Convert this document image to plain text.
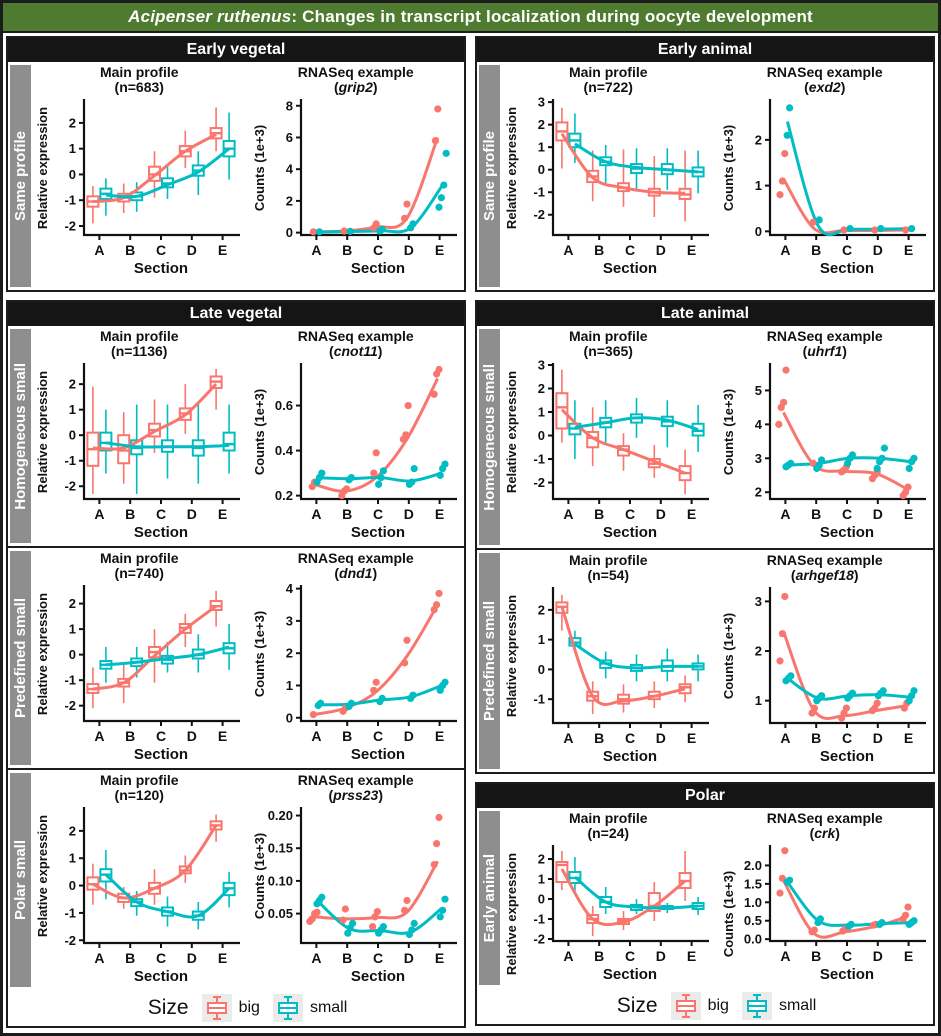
Acipenser ruthenus : Changes in transcript localization during oocyte development
Early vegetal
Same profile
Main profile
(n=683)
-2
-1
0
1
2
A B C D E
Section
Relative expression
RNASeq example
(grip2)
0
2
4
6
8
A B C D E
Section
Counts (1e+3)
Late vegetal
Homogeneous small
Main profile
(n=1136)
-2
-1
0
1
2
A B C D E
Section
Relative expression
RNASeq example
(cnot11)
0.2
0.4
0.6
A B C D E
Section
Counts (1e+3)
Predefined small
Main profile
(n=740)
-2
-1
0
1
2
A B C D E
Section
Relative expression
RNASeq example
(dnd1)
0
1
2
3
4
A B C D E
Section
Counts (1e+3)
Polar small
Main profile
(n=120)
-2
-1
0
1
2
A B C D E
Section
Relative expression
RNASeq example
(prss23)
0.05
0.10
0.15
0.20
A B C D E
Section
Counts (1e+3)
Size	big	small
Early animal
Same profile
Main profile
(n=722)
-2
-1
0
1
2
3
A B C D E
Section
Relative expression
RNASeq example
(exd2)
0
1
2
A B C D E
Section
Counts (1e+3)
Late animal
Homogeneous small
Main profile
(n=365)
-2
-1
0
1
2
3
A B C D E
Section
Relative expression
RNASeq example
(uhrf1)
2
3
4
5
A B C D E
Section
Counts (1e+3)
Predefined small
Main profile
(n=54)
-1
0
1
2
A B C D E
Section
Relative expression
RNASeq example
(arhgef18)
1
2
3
A B C D E
Section
Counts (1e+3)
Polar
Early animal
Main profile
(n=24)
-2
-1
0
1
2
A B C D E
Section
Relative expression
RNASeq example
(crk)
0.0
0.5
1.0
1.5
2.0
A B C D E
Section
Counts (1e+3)
Size	big	small
